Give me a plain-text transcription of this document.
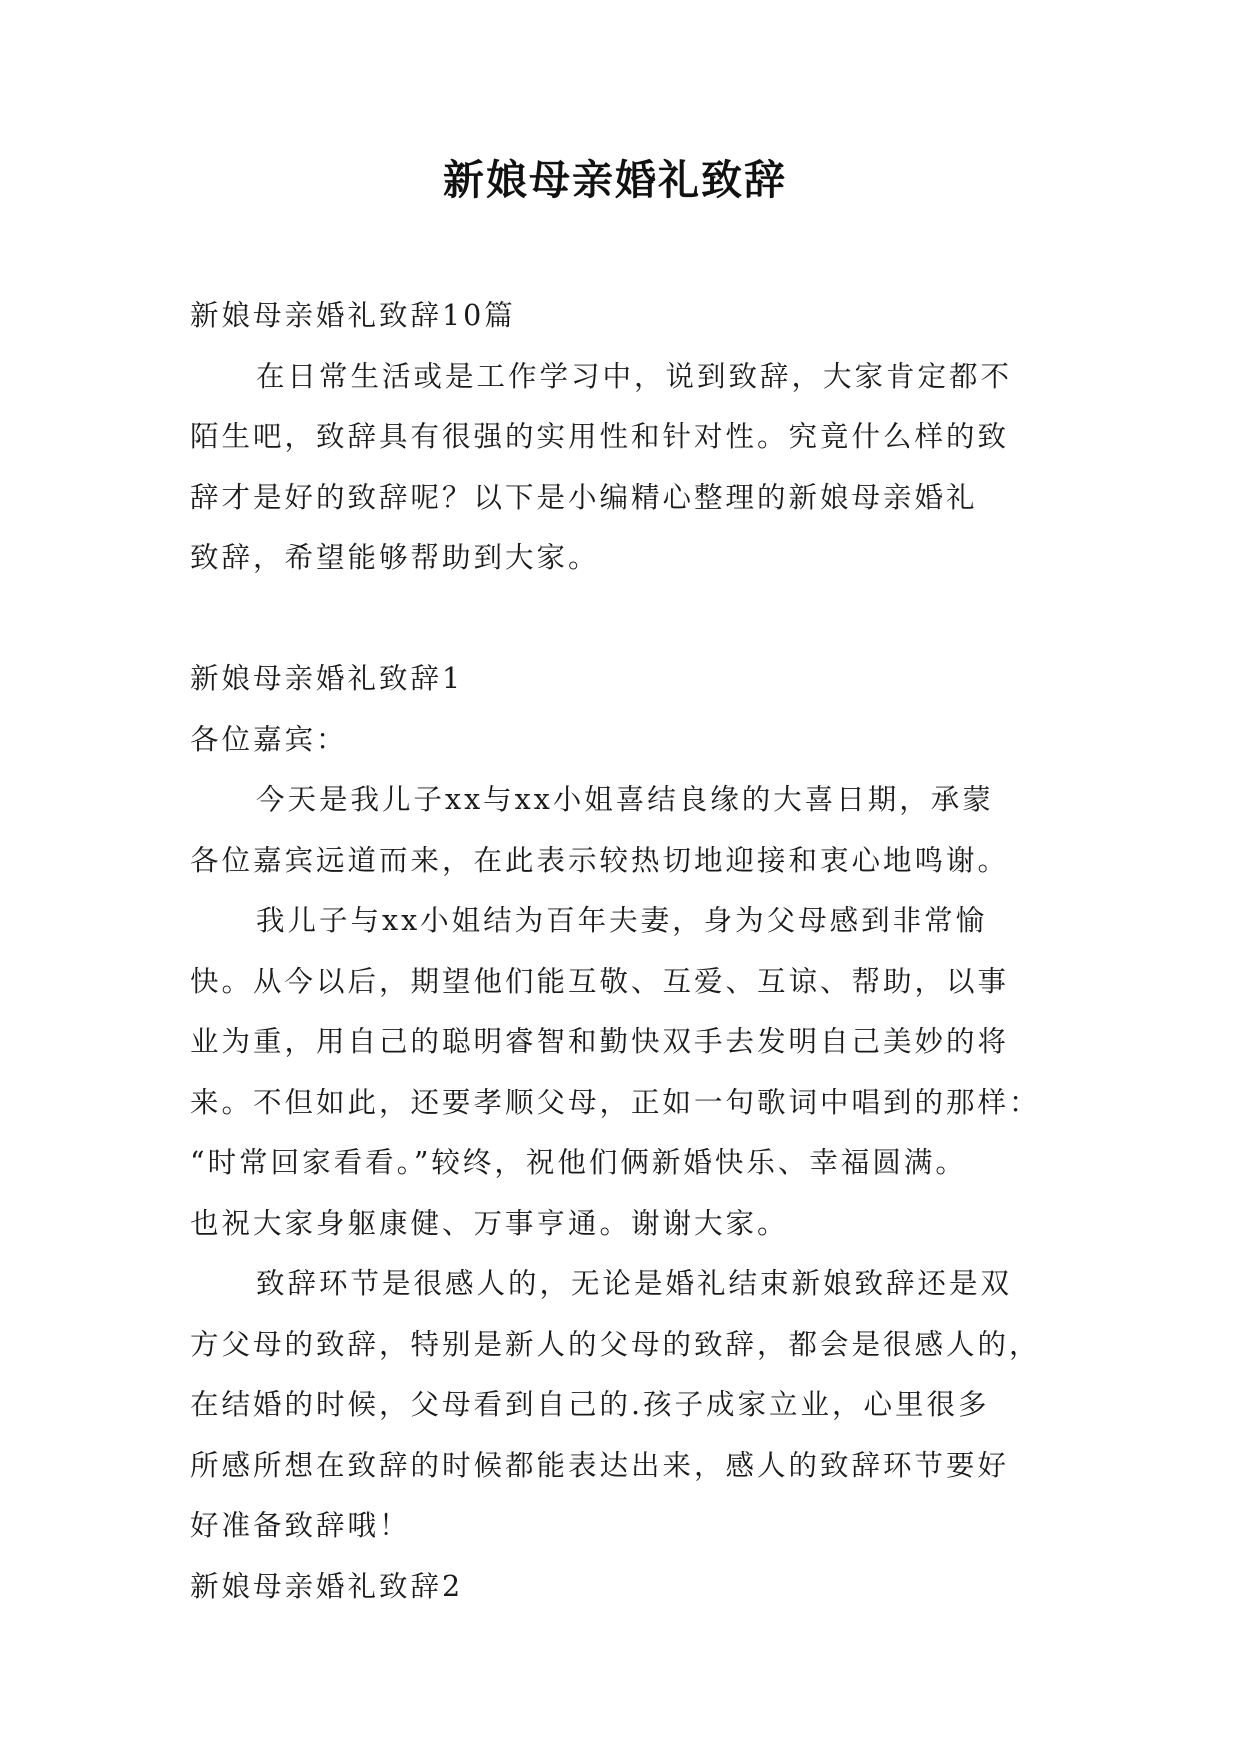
新娘母亲婚礼致辞
新娘母亲婚礼致辞10篇
在日常生活或是工作学习中，说到致辞，大家肯定都不
陌生吧，致辞具有很强的实用性和针对性。究竟什么样的致
辞才是好的致辞呢？以下是小编精心整理的新娘母亲婚礼
致辞，希望能够帮助到大家。
新娘母亲婚礼致辞1
各位嘉宾：
今天是我儿子xx与xx小姐喜结良缘的大喜日期，承蒙
各位嘉宾远道而来，在此表示较热切地迎接和衷心地鸣谢。
我儿子与xx小姐结为百年夫妻，身为父母感到非常愉
快。从今以后，期望他们能互敬、互爱、互谅、帮助，以事
业为重，用自己的聪明睿智和勤快双手去发明自己美妙的将
来。不但如此，还要孝顺父母，正如一句歌词中唱到的那样：
“时常回家看看。”较终，祝他们俩新婚快乐、幸福圆满。
也祝大家身躯康健、万事亨通。谢谢大家。
致辞环节是很感人的，无论是婚礼结束新娘致辞还是双
方父母的致辞，特别是新人的父母的致辞，都会是很感人的，
在结婚的时候，父母看到自己的.孩子成家立业，心里很多
所感所想在致辞的时候都能表达出来，感人的致辞环节要好
好准备致辞哦！
新娘母亲婚礼致辞2
